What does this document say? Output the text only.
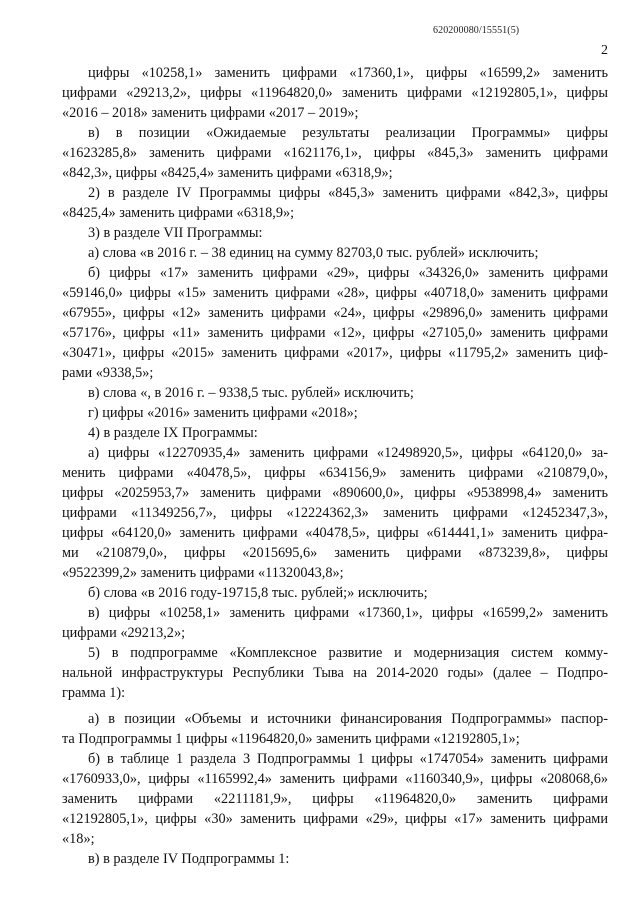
620200080/15551(5)
2
цифры «10258,1» заменить цифрами «17360,1», цифры «16599,2» заменить
цифрами «29213,2», цифры «11964820,0» заменить цифрами «12192805,1», цифры
«2016 – 2018» заменить цифрами «2017 – 2019»;
в) в позиции «Ожидаемые результаты реализации Программы» цифры
«1623285,8» заменить цифрами «1621176,1», цифры «845,3» заменить цифрами
«842,3», цифры «8425,4» заменить цифрами «6318,9»;
2) в разделе IV Программы цифры «845,3» заменить цифрами «842,3», цифры
«8425,4» заменить цифрами «6318,9»;
3) в разделе VII Программы:
а) слова «в 2016 г. – 38 единиц на сумму 82703,0 тыс. рублей» исключить;
б) цифры «17» заменить цифрами «29», цифры «34326,0» заменить цифрами
«59146,0» цифры «15» заменить цифрами «28», цифры «40718,0» заменить цифрами
«67955», цифры «12» заменить цифрами «24», цифры «29896,0» заменить цифрами
«57176», цифры «11» заменить цифрами «12», цифры «27105,0» заменить цифрами
«30471», цифры «2015» заменить цифрами «2017», цифры «11795,2» заменить циф-
рами «9338,5»;
в) слова «, в 2016 г. – 9338,5 тыс. рублей» исключить;
г) цифры «2016» заменить цифрами «2018»;
4) в разделе IX Программы:
а) цифры «12270935,4» заменить цифрами «12498920,5», цифры «64120,0» за-
менить цифрами «40478,5», цифры «634156,9» заменить цифрами «210879,0»,
цифры «2025953,7» заменить цифрами «890600,0», цифры «9538998,4» заменить
цифрами «11349256,7», цифры «12224362,3» заменить цифрами «12452347,3»,
цифры «64120,0» заменить цифрами «40478,5», цифры «614441,1» заменить цифра-
ми «210879,0», цифры «2015695,6» заменить цифрами «873239,8», цифры
«9522399,2» заменить цифрами «11320043,8»;
б) слова «в 2016 году-19715,8 тыс. рублей;» исключить;
в) цифры «10258,1» заменить цифрами «17360,1», цифры «16599,2» заменить
цифрами «29213,2»;
5) в подпрограмме «Комплексное развитие и модернизация систем комму-
нальной инфраструктуры Республики Тыва на 2014-2020 годы» (далее – Подпро-
грамма 1):
а) в позиции «Объемы и источники финансирования Подпрограммы» паспор-
та Подпрограммы 1 цифры «11964820,0» заменить цифрами «12192805,1»;
б) в таблице 1 раздела 3 Подпрограммы 1 цифры «1747054» заменить цифрами
«1760933,0», цифры «1165992,4» заменить цифрами «1160340,9», цифры «208068,6»
заменить цифрами «2211181,9», цифры «11964820,0» заменить цифрами
«12192805,1», цифры «30» заменить цифрами «29», цифры «17» заменить цифрами
«18»;
в) в разделе IV Подпрограммы 1:
